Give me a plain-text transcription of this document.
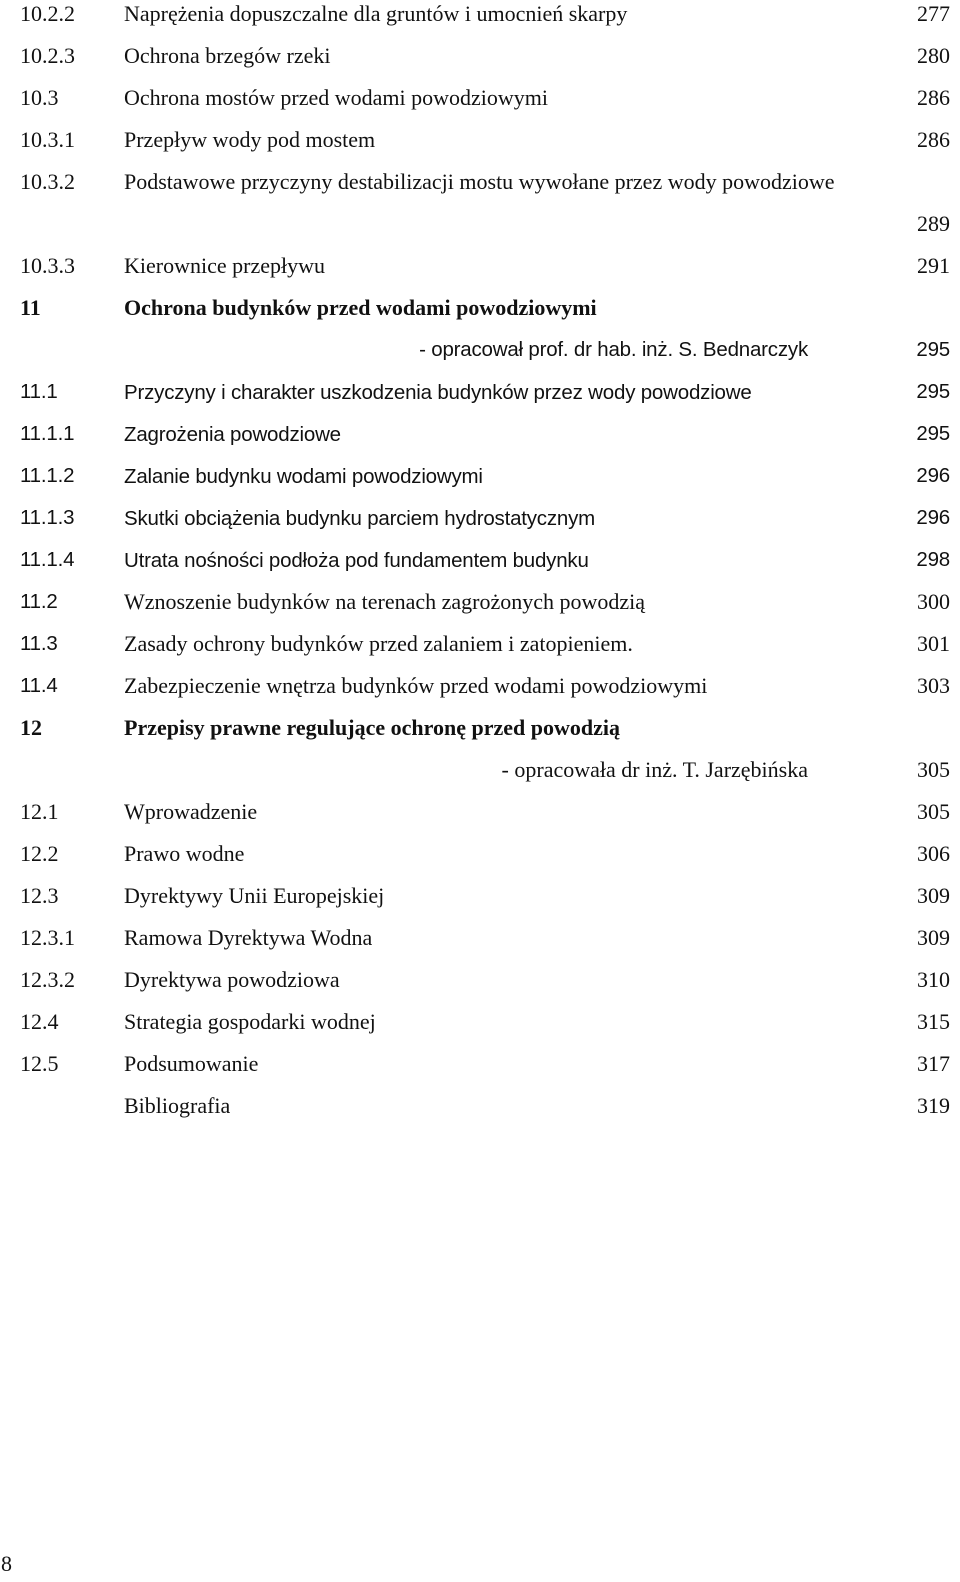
10.2.2 Naprężenia dopuszczalne dla gruntów i umocnień skarpy	277
10.2.3 Ochrona brzegów rzeki	280
10.3	Ochrona mostów przed wodami powodziowymi	286
10.3.1 Przepływ wody pod mostem	286
10.3.2 Podstawowe przyczyny destabilizacji mostu wywołane przez wody powodziowe
289
10.3.3 Kierownice przepływu	291
11	Ochrona budynków przed wodami powodziowymi
- opracował prof. dr hab. inż. S. Bednarczyk	295
11.1	Przyczyny i charakter uszkodzenia budynków przez wody powodziowe	295
11.1.1 Zagrożenia powodziowe	295
11.1.2 Zalanie budynku wodami powodziowymi	296
11.1.3 Skutki obciążenia budynku parciem hydrostatycznym	296
11.1.4 Utrata nośności podłoża pod fundamentem budynku	298
11.2	Wznoszenie budynków na terenach zagrożonych powodzią	300
11.3	Zasady ochrony budynków przed zalaniem i zatopieniem.	301
11.4	Zabezpieczenie wnętrza budynków przed wodami powodziowymi	303
12	Przepisy prawne regulujące ochronę przed powodzią
- opracowała dr inż. T. Jarzębińska	305
12.1	Wprowadzenie	305
12.2	Prawo wodne	306
12.3	Dyrektywy Unii Europejskiej	309
12.3.1 Ramowa Dyrektywa Wodna	309
12.3.2 Dyrektywa powodziowa	310
12.4	Strategia gospodarki wodnej	315
12.5	Podsumowanie	317
Bibliografia	319
8
